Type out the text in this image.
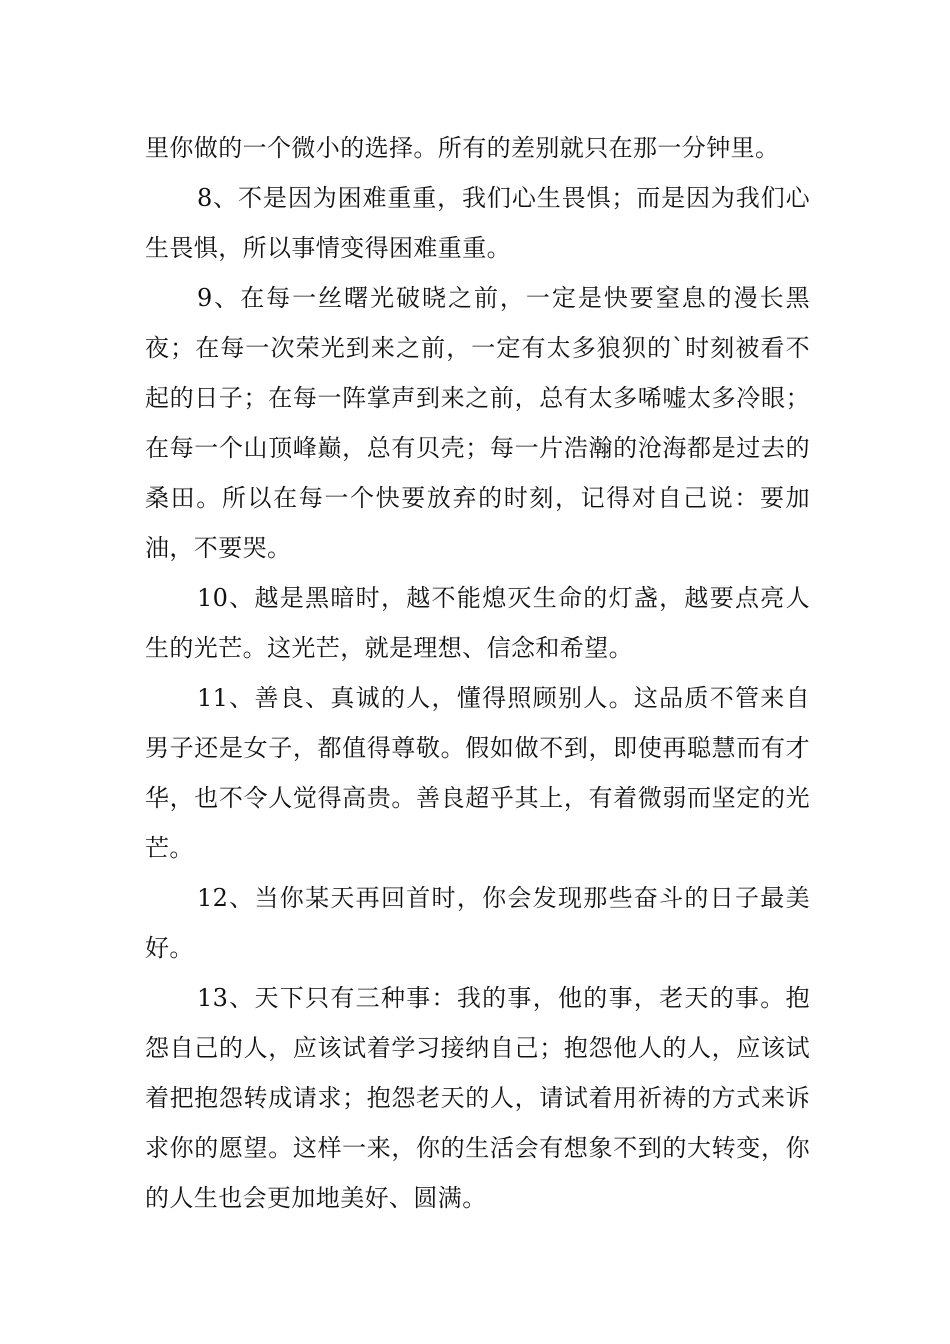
里你做的一个微小的选择。所有的差别就只在那一分钟里。

8、不是因为困难重重，我们心生畏惧；而是因为我们心生畏惧，所以事情变得困难重重。

9、在每一丝曙光破晓之前，一定是快要窒息的漫长黑夜；在每一次荣光到来之前，一定有太多狼狈的`时刻被看不起的日子；在每一阵掌声到来之前，总有太多唏嘘太多冷眼；在每一个山顶峰巅，总有贝壳；每一片浩瀚的沧海都是过去的桑田。所以在每一个快要放弃的时刻，记得对自己说：要加油，不要哭。

10、越是黑暗时，越不能熄灭生命的灯盏，越要点亮人生的光芒。这光芒，就是理想、信念和希望。

11、善良、真诚的人，懂得照顾别人。这品质不管来自男子还是女子，都值得尊敬。假如做不到，即使再聪慧而有才华，也不令人觉得高贵。善良超乎其上，有着微弱而坚定的光芒。

12、当你某天再回首时，你会发现那些奋斗的日子最美好。

13、天下只有三种事：我的事，他的事，老天的事。抱怨自己的人，应该试着学习接纳自己；抱怨他人的人，应该试着把抱怨转成请求；抱怨老天的人，请试着用祈祷的方式来诉求你的愿望。这样一来，你的生活会有想象不到的大转变，你的人生也会更加地美好、圆满。
